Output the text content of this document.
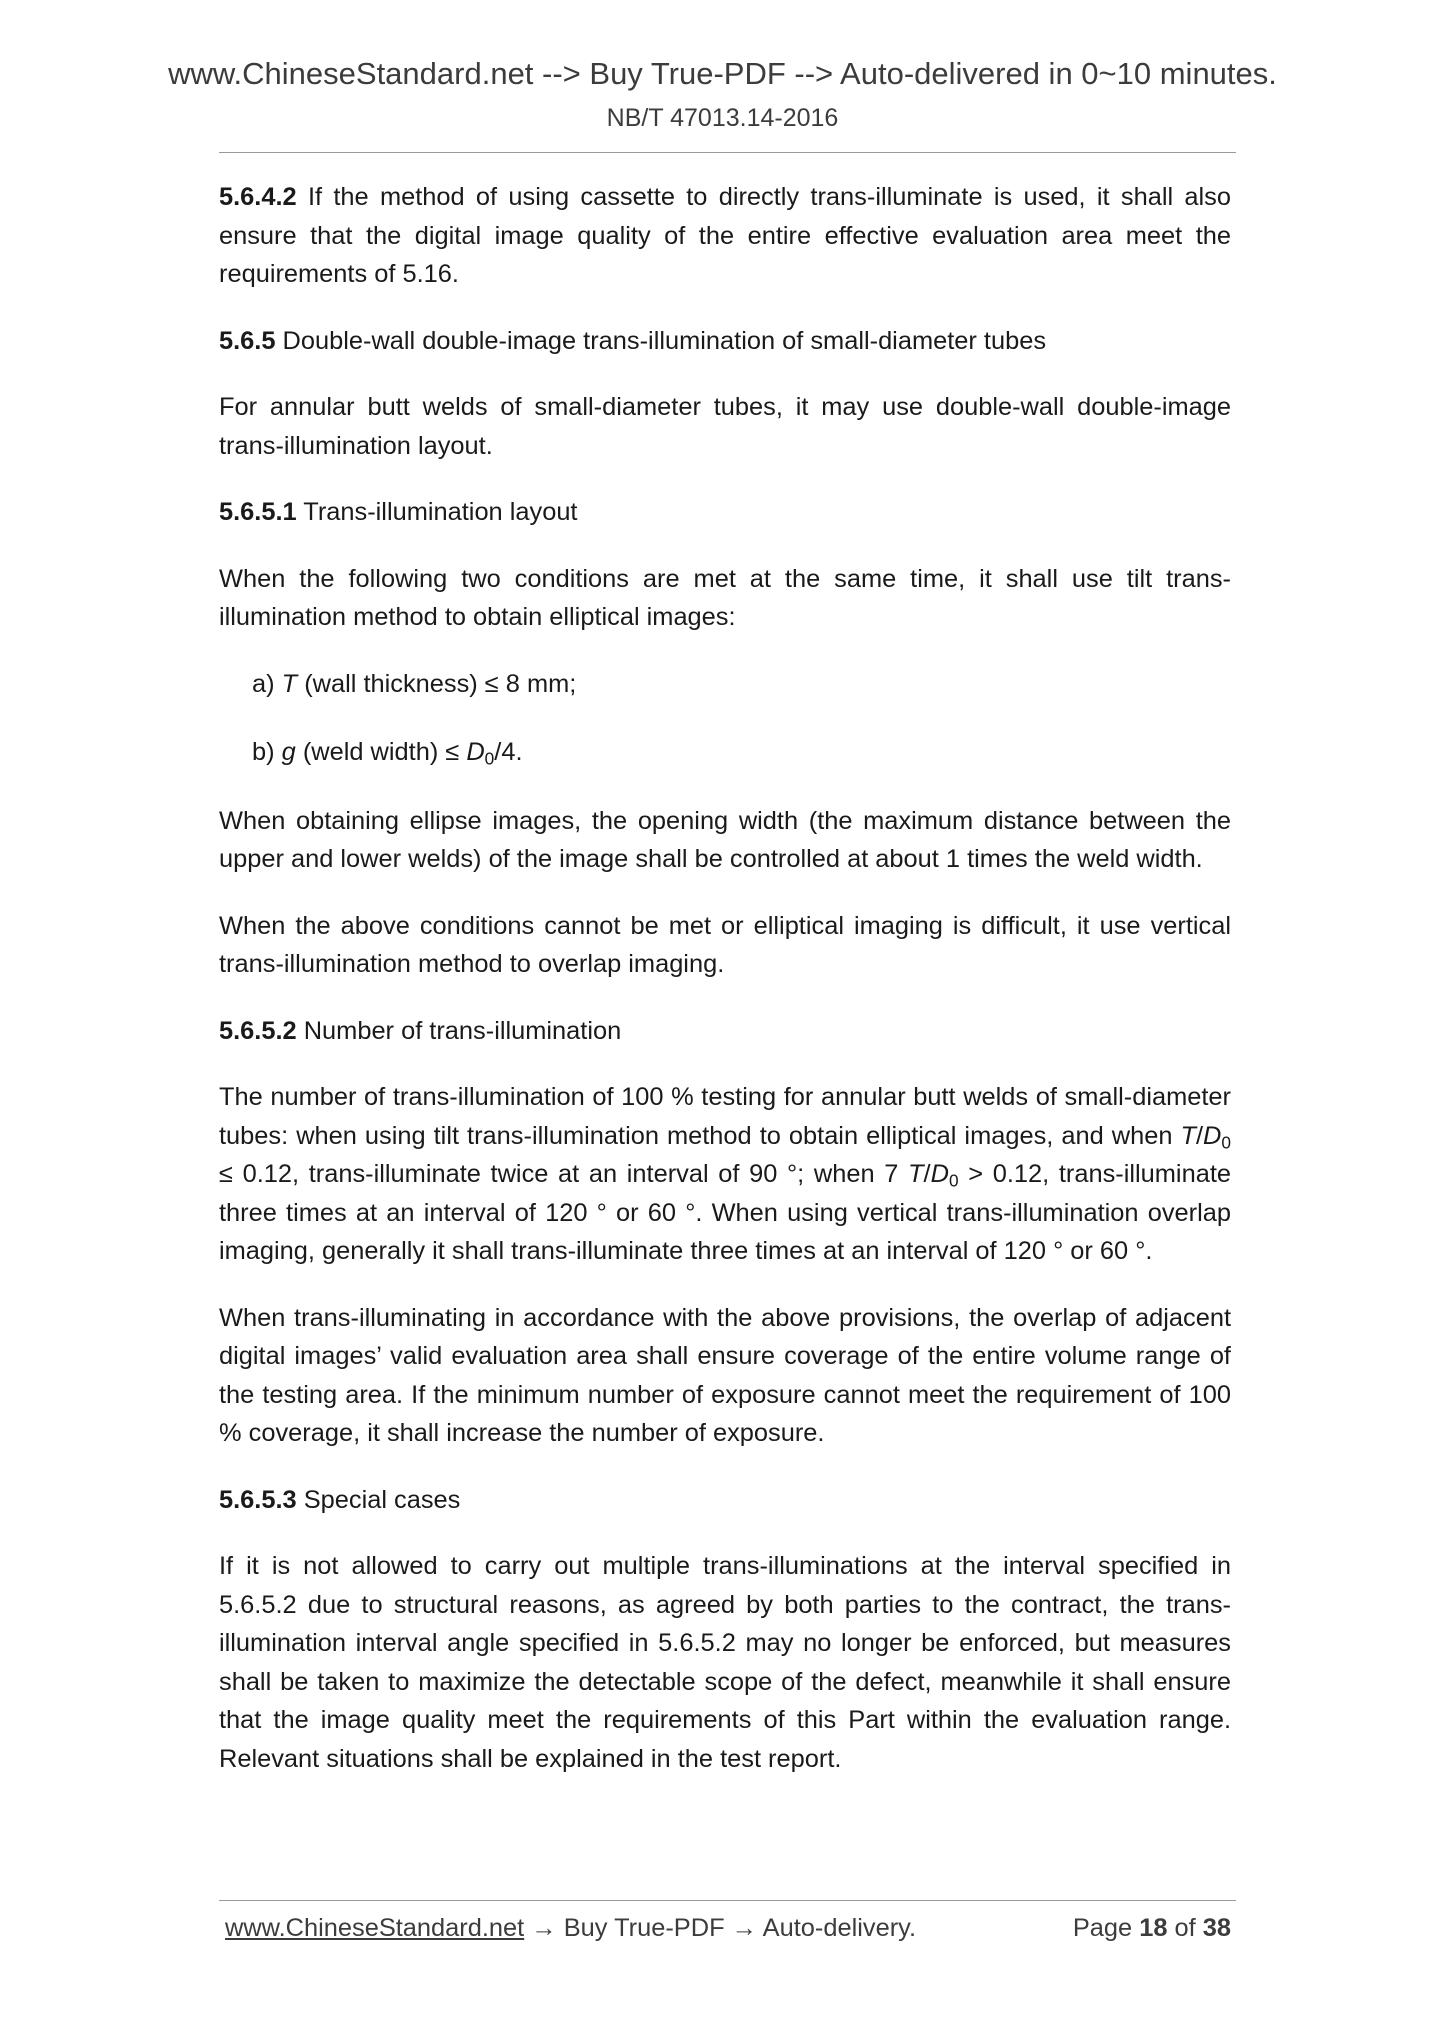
www.ChineseStandard.net --> Buy True-PDF --> Auto-delivered in 0~10 minutes.
NB/T 47013.14-2016

5.6.4.2 If the method of using cassette to directly trans-illuminate is used, it shall also ensure that the digital image quality of the entire effective evaluation area meet the requirements of 5.16.

5.6.5 Double-wall double-image trans-illumination of small-diameter tubes

For annular butt welds of small-diameter tubes, it may use double-wall double-image trans-illumination layout.

5.6.5.1 Trans-illumination layout

When the following two conditions are met at the same time, it shall use tilt trans-illumination method to obtain elliptical images:

a) T (wall thickness) ≤ 8 mm;

b) g (weld width) ≤ $D_0/4$.

When obtaining ellipse images, the opening width (the maximum distance between the upper and lower welds) of the image shall be controlled at about 1 times the weld width.

When the above conditions cannot be met or elliptical imaging is difficult, it use vertical trans-illumination method to overlap imaging.

5.6.5.2 Number of trans-illumination

The number of trans-illumination of 100 % testing for annular butt welds of small-diameter tubes: when using tilt trans-illumination method to obtain elliptical images, and when $T/D_0 \le 0.12$, trans-illuminate twice at an interval of 90 °; when 7 $T/D_0 > 0.12$, trans-illuminate three times at an interval of 120 ° or 60 °. When using vertical trans-illumination overlap imaging, generally it shall trans-illuminate three times at an interval of 120 ° or 60 °.

When trans-illuminating in accordance with the above provisions, the overlap of adjacent digital images’ valid evaluation area shall ensure coverage of the entire volume range of the testing area. If the minimum number of exposure cannot meet the requirement of 100 % coverage, it shall increase the number of exposure.

5.6.5.3 Special cases

If it is not allowed to carry out multiple trans-illuminations at the interval specified in 5.6.5.2 due to structural reasons, as agreed by both parties to the contract, the trans-illumination interval angle specified in 5.6.5.2 may no longer be enforced, but measures shall be taken to maximize the detectable scope of the defect, meanwhile it shall ensure that the image quality meet the requirements of this Part within the evaluation range. Relevant situations shall be explained in the test report.

www.ChineseStandard.net → Buy True-PDF → Auto-delivery.	Page 18 of 38
